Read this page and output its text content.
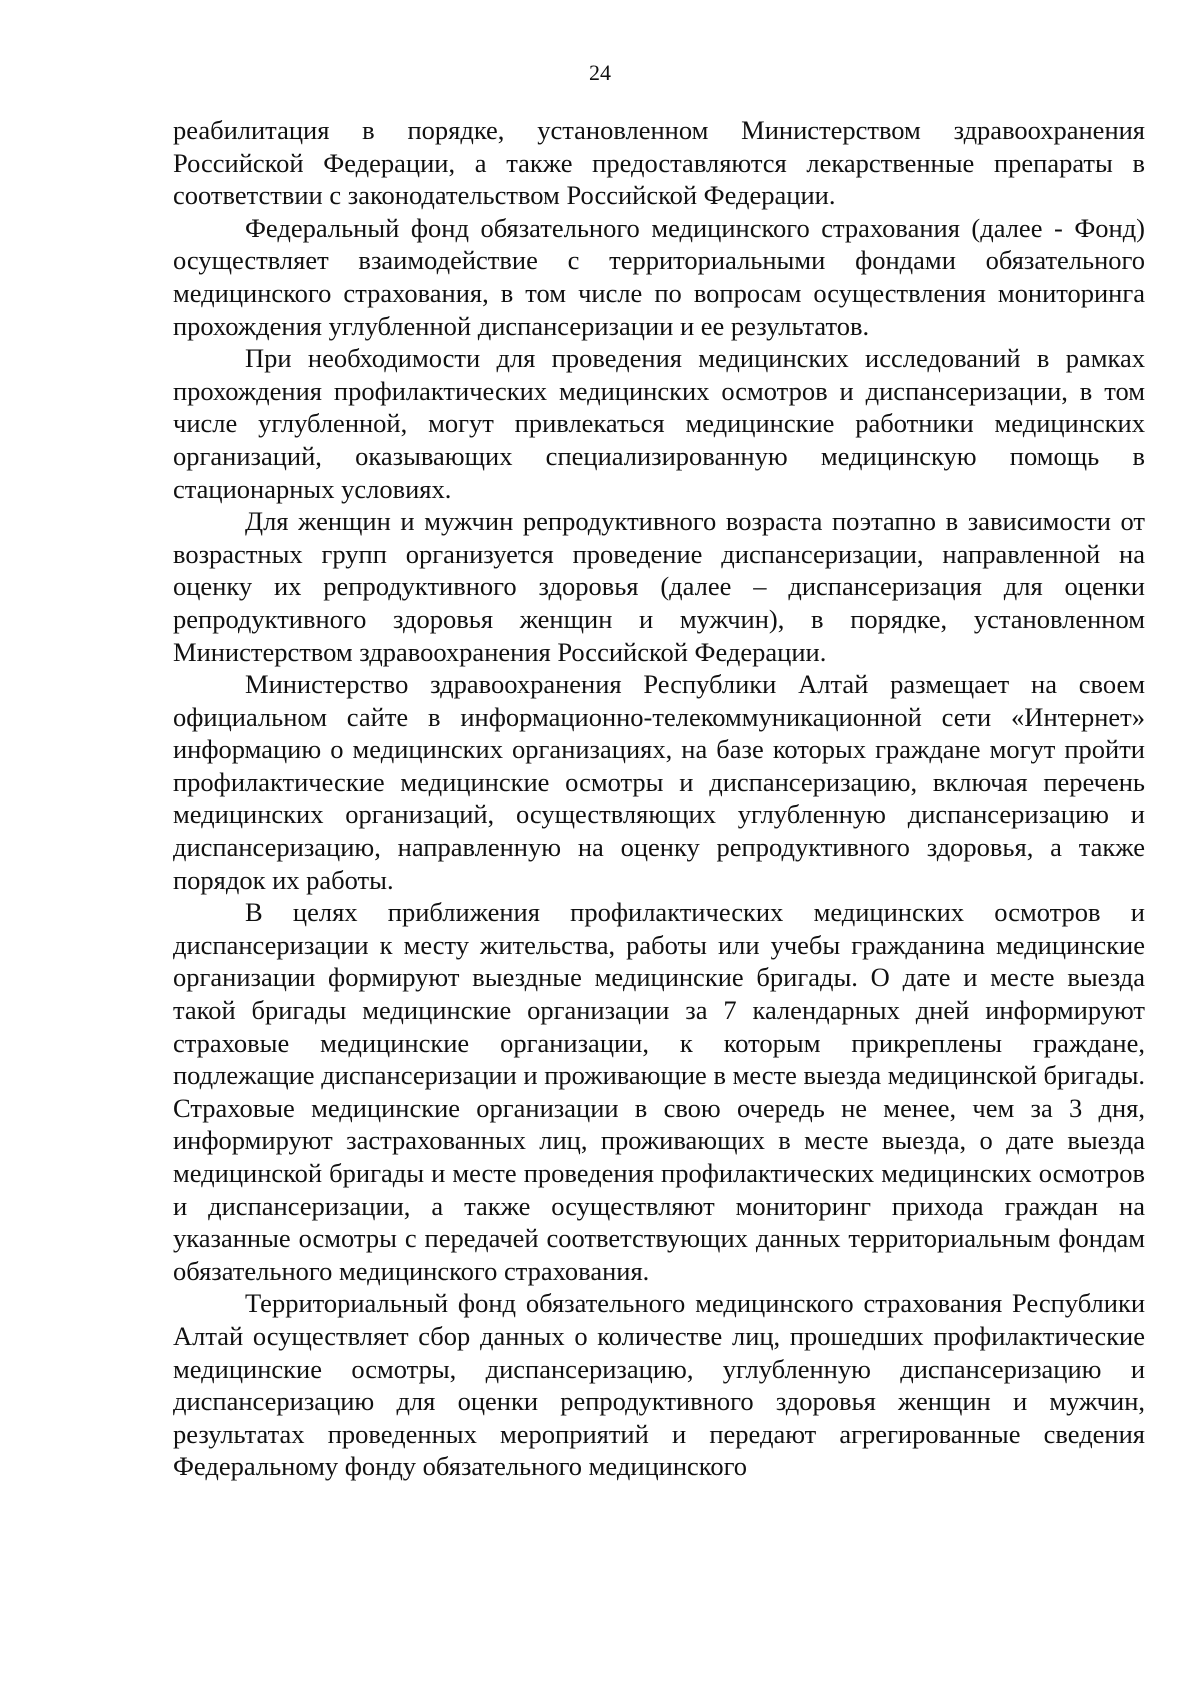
24

реабилитация в порядке, установленном Министерством здравоохранения Российской Федерации, а также предоставляются лекарственные препараты в соответствии с законодательством Российской Федерации.

Федеральный фонд обязательного медицинского страхования (далее - Фонд) осуществляет взаимодействие с территориальными фондами обязательного медицинского страхования, в том числе по вопросам осуществления мониторинга прохождения углубленной диспансеризации и ее результатов.

При необходимости для проведения медицинских исследований в рамках прохождения профилактических медицинских осмотров и диспансеризации, в том числе углубленной, могут привлекаться медицинские работники медицинских организаций, оказывающих специализированную медицинскую помощь в стационарных условиях.

Для женщин и мужчин репродуктивного возраста поэтапно в зависимости от возрастных групп организуется проведение диспансеризации, направленной на оценку их репродуктивного здоровья (далее – диспансеризация для оценки репродуктивного здоровья женщин и мужчин), в порядке, установленном Министерством здравоохранения Российской Федерации.

Министерство здравоохранения Республики Алтай размещает на своем официальном сайте в информационно-телекоммуникационной сети «Интернет» информацию о медицинских организациях, на базе которых граждане могут пройти профилактические медицинские осмотры и диспансеризацию, включая перечень медицинских организаций, осуществляющих углубленную диспансеризацию и диспансеризацию, направленную на оценку репродуктивного здоровья, а также порядок их работы.

В целях приближения профилактических медицинских осмотров и диспансеризации к месту жительства, работы или учебы гражданина медицинские организации формируют выездные медицинские бригады. О дате и месте выезда такой бригады медицинские организации за 7 календарных дней информируют страховые медицинские организации, к которым прикреплены граждане, подлежащие диспансеризации и проживающие в месте выезда медицинской бригады. Страховые медицинские организации в свою очередь не менее, чем за 3 дня, информируют застрахованных лиц, проживающих в месте выезда, о дате выезда медицинской бригады и месте проведения профилактических медицинских осмотров и диспансеризации, а также осуществляют мониторинг прихода граждан на указанные осмотры с передачей соответствующих данных территориальным фондам обязательного медицинского страхования.

Территориальный фонд обязательного медицинского страхования Республики Алтай осуществляет сбор данных о количестве лиц, прошедших профилактические медицинские осмотры, диспансеризацию, углубленную диспансеризацию и диспансеризацию для оценки репродуктивного здоровья женщин и мужчин, результатах проведенных мероприятий и передают агрегированные сведения Федеральному фонду обязательного медицинского
